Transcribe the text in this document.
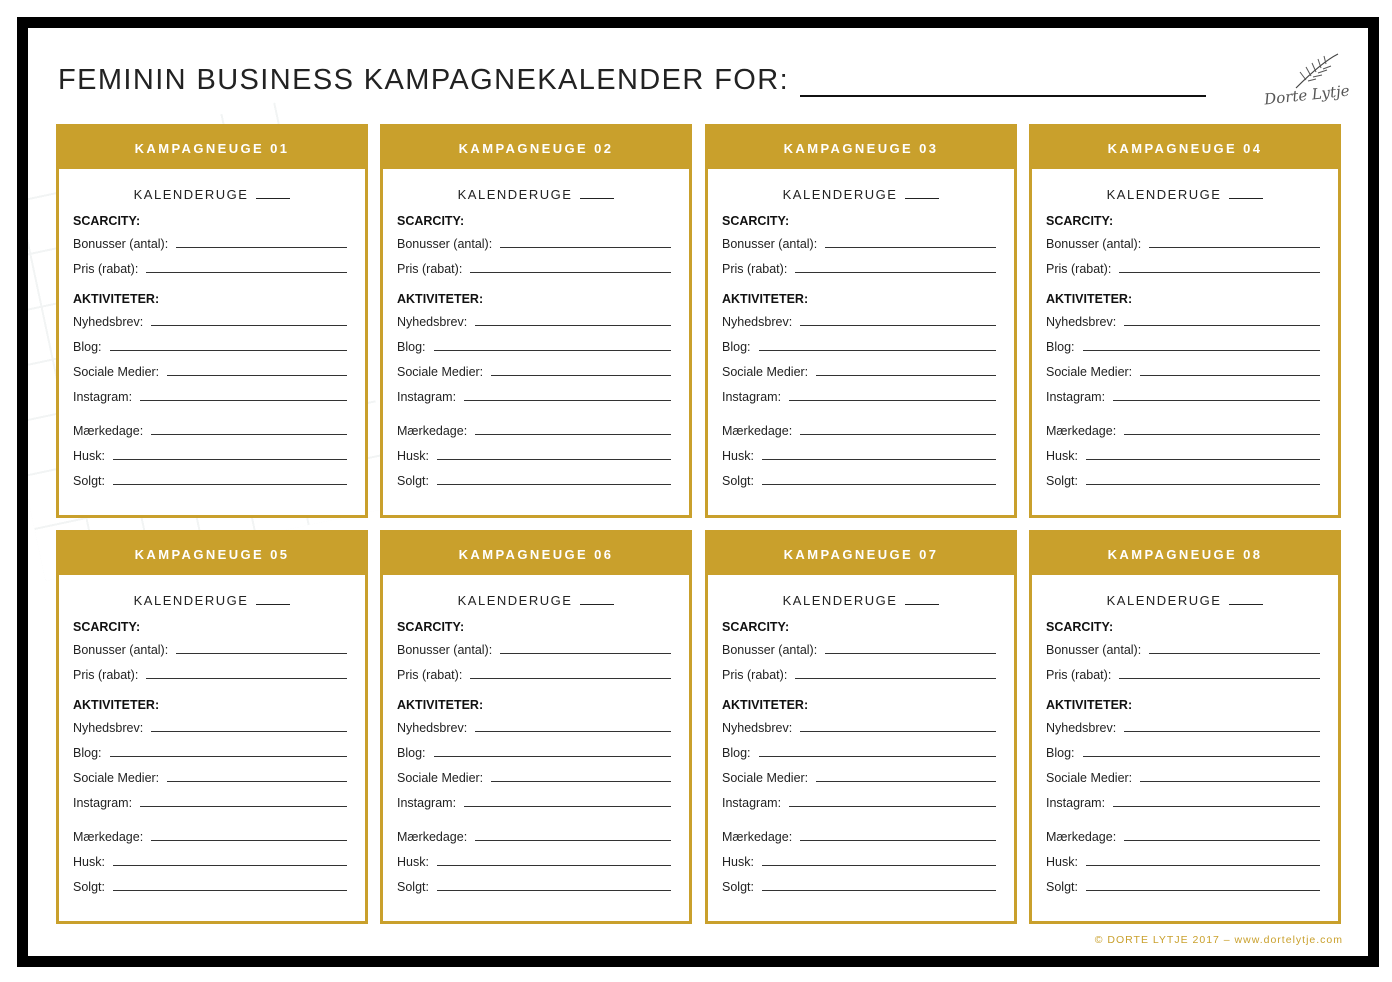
FEMININ BUSINESS KAMPAGNEKALENDER FOR:	Dorte Lytje
KAMPAGNEUGE 01
KALENDERUGE
SCARCITY:
Bonusser (antal):
Pris (rabat):
AKTIVITETER:
Nyhedsbrev:
Blog:
Sociale Medier:
Instagram:
Mærkedage:
Husk:
Solgt:
KAMPAGNEUGE 02
KALENDERUGE
SCARCITY:
Bonusser (antal):
Pris (rabat):
AKTIVITETER:
Nyhedsbrev:
Blog:
Sociale Medier:
Instagram:
Mærkedage:
Husk:
Solgt:
KAMPAGNEUGE 03
KALENDERUGE
SCARCITY:
Bonusser (antal):
Pris (rabat):
AKTIVITETER:
Nyhedsbrev:
Blog:
Sociale Medier:
Instagram:
Mærkedage:
Husk:
Solgt:
KAMPAGNEUGE 04
KALENDERUGE
SCARCITY:
Bonusser (antal):
Pris (rabat):
AKTIVITETER:
Nyhedsbrev:
Blog:
Sociale Medier:
Instagram:
Mærkedage:
Husk:
Solgt:
KAMPAGNEUGE 05
KALENDERUGE
SCARCITY:
Bonusser (antal):
Pris (rabat):
AKTIVITETER:
Nyhedsbrev:
Blog:
Sociale Medier:
Instagram:
Mærkedage:
Husk:
Solgt:
KAMPAGNEUGE 06
KALENDERUGE
SCARCITY:
Bonusser (antal):
Pris (rabat):
AKTIVITETER:
Nyhedsbrev:
Blog:
Sociale Medier:
Instagram:
Mærkedage:
Husk:
Solgt:
KAMPAGNEUGE 07
KALENDERUGE
SCARCITY:
Bonusser (antal):
Pris (rabat):
AKTIVITETER:
Nyhedsbrev:
Blog:
Sociale Medier:
Instagram:
Mærkedage:
Husk:
Solgt:
KAMPAGNEUGE 08
KALENDERUGE
SCARCITY:
Bonusser (antal):
Pris (rabat):
AKTIVITETER:
Nyhedsbrev:
Blog:
Sociale Medier:
Instagram:
Mærkedage:
Husk:
Solgt:
© DORTE LYTJE 2017 – www.dortelytje.com
